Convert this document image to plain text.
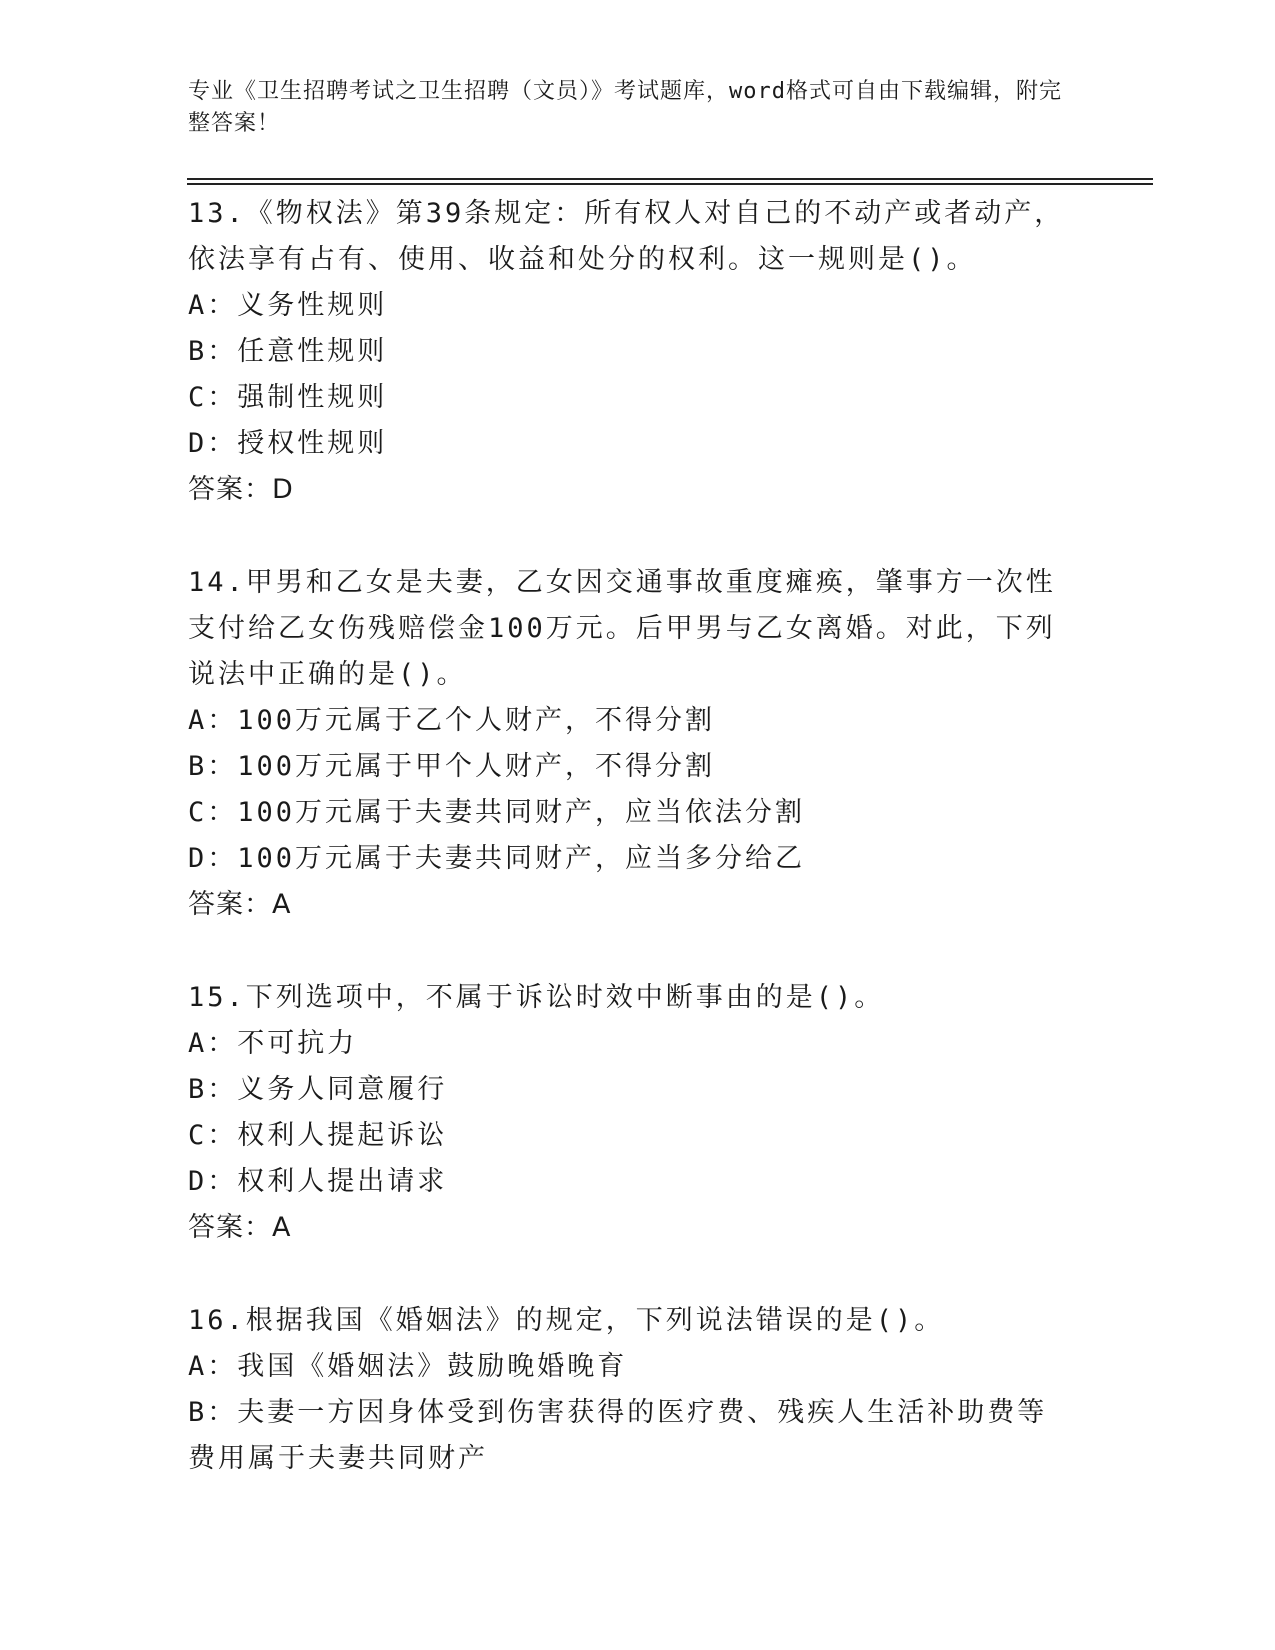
专业《卫生招聘考试之卫生招聘（文员）》考试题库，word格式可自由下载编辑，附完整答案！

13.《物权法》第39条规定：所有权人对自己的不动产或者动产，依法享有占有、使用、收益和处分的权利。这一规则是()。

A：义务性规则

B：任意性规则

C：强制性规则

D：授权性规则

答案：D

14.甲男和乙女是夫妻，乙女因交通事故重度瘫痪，肇事方一次性支付给乙女伤残赔偿金100万元。后甲男与乙女离婚。对此，下列说法中正确的是()。

A：100万元属于乙个人财产，不得分割

B：100万元属于甲个人财产，不得分割

C：100万元属于夫妻共同财产，应当依法分割

D：100万元属于夫妻共同财产，应当多分给乙

答案：A

15.下列选项中，不属于诉讼时效中断事由的是()。

A：不可抗力

B：义务人同意履行

C：权利人提起诉讼

D：权利人提出请求

答案：A

16.根据我国《婚姻法》的规定，下列说法错误的是()。

A：我国《婚姻法》鼓励晚婚晚育

B：夫妻一方因身体受到伤害获得的医疗费、残疾人生活补助费等费用属于夫妻共同财产
